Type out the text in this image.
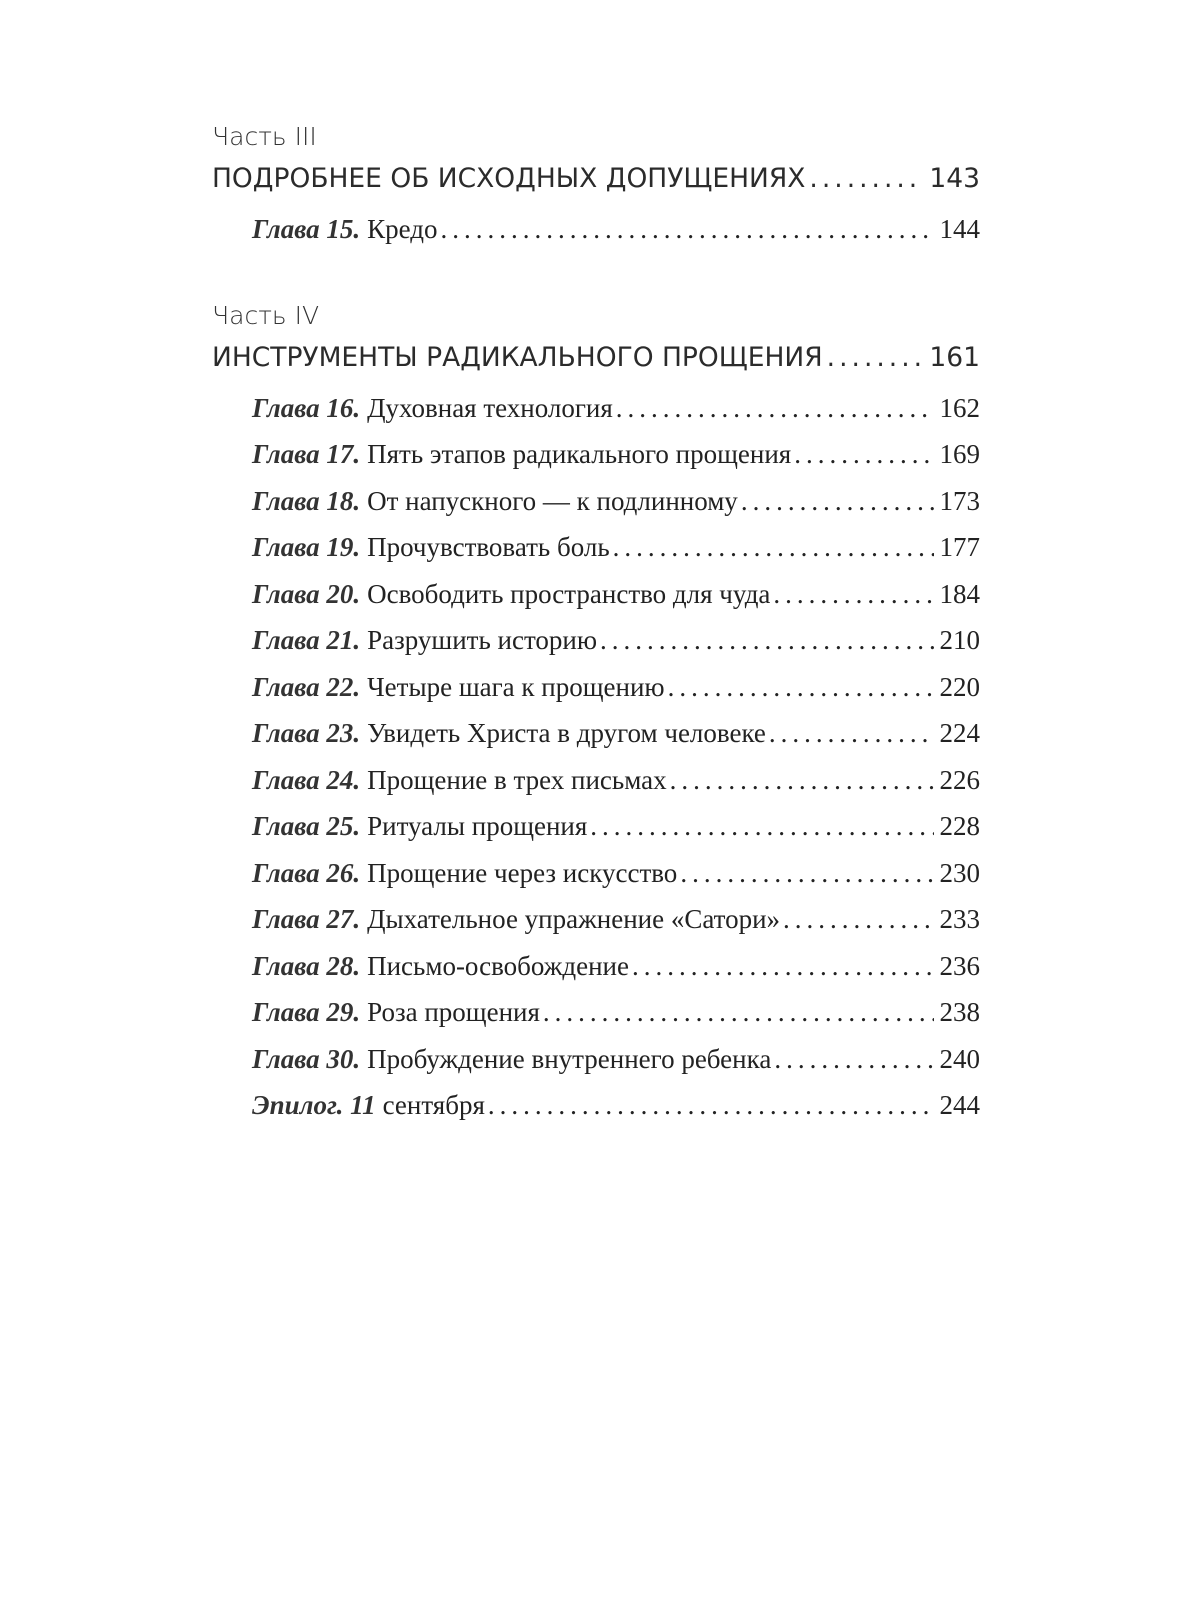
Часть III
ПОДРОБНЕЕ ОБ ИСХОДНЫХ ДОПУЩЕНИЯХ .....	143
Глава 15. Кредо .....	144
Часть IV
ИНСТРУМЕНТЫ РАДИКАЛЬНОГО ПРОЩЕНИЯ .....	161
Глава 16. Духовная технология .....	162
Глава 17. Пять этапов радикального прощения .....	169
Глава 18. От напускного — к подлинному .....	173
Глава 19. Прочувствовать боль .....	177
Глава 20. Освободить пространство для чуда .....	184
Глава 21. Разрушить историю .....	210
Глава 22. Четыре шага к прощению .....	220
Глава 23. Увидеть Христа в другом человеке .....	224
Глава 24. Прощение в трех письмах .....	226
Глава 25. Ритуалы прощения .....	228
Глава 26. Прощение через искусство .....	230
Глава 27. Дыхательное упражнение «Сатори» .....	233
Глава 28. Письмо-освобождение .....	236
Глава 29. Роза прощения .....	238
Глава 30. Пробуждение внутреннего ребенка .....	240
Эпилог. 11 сентября .....	244
